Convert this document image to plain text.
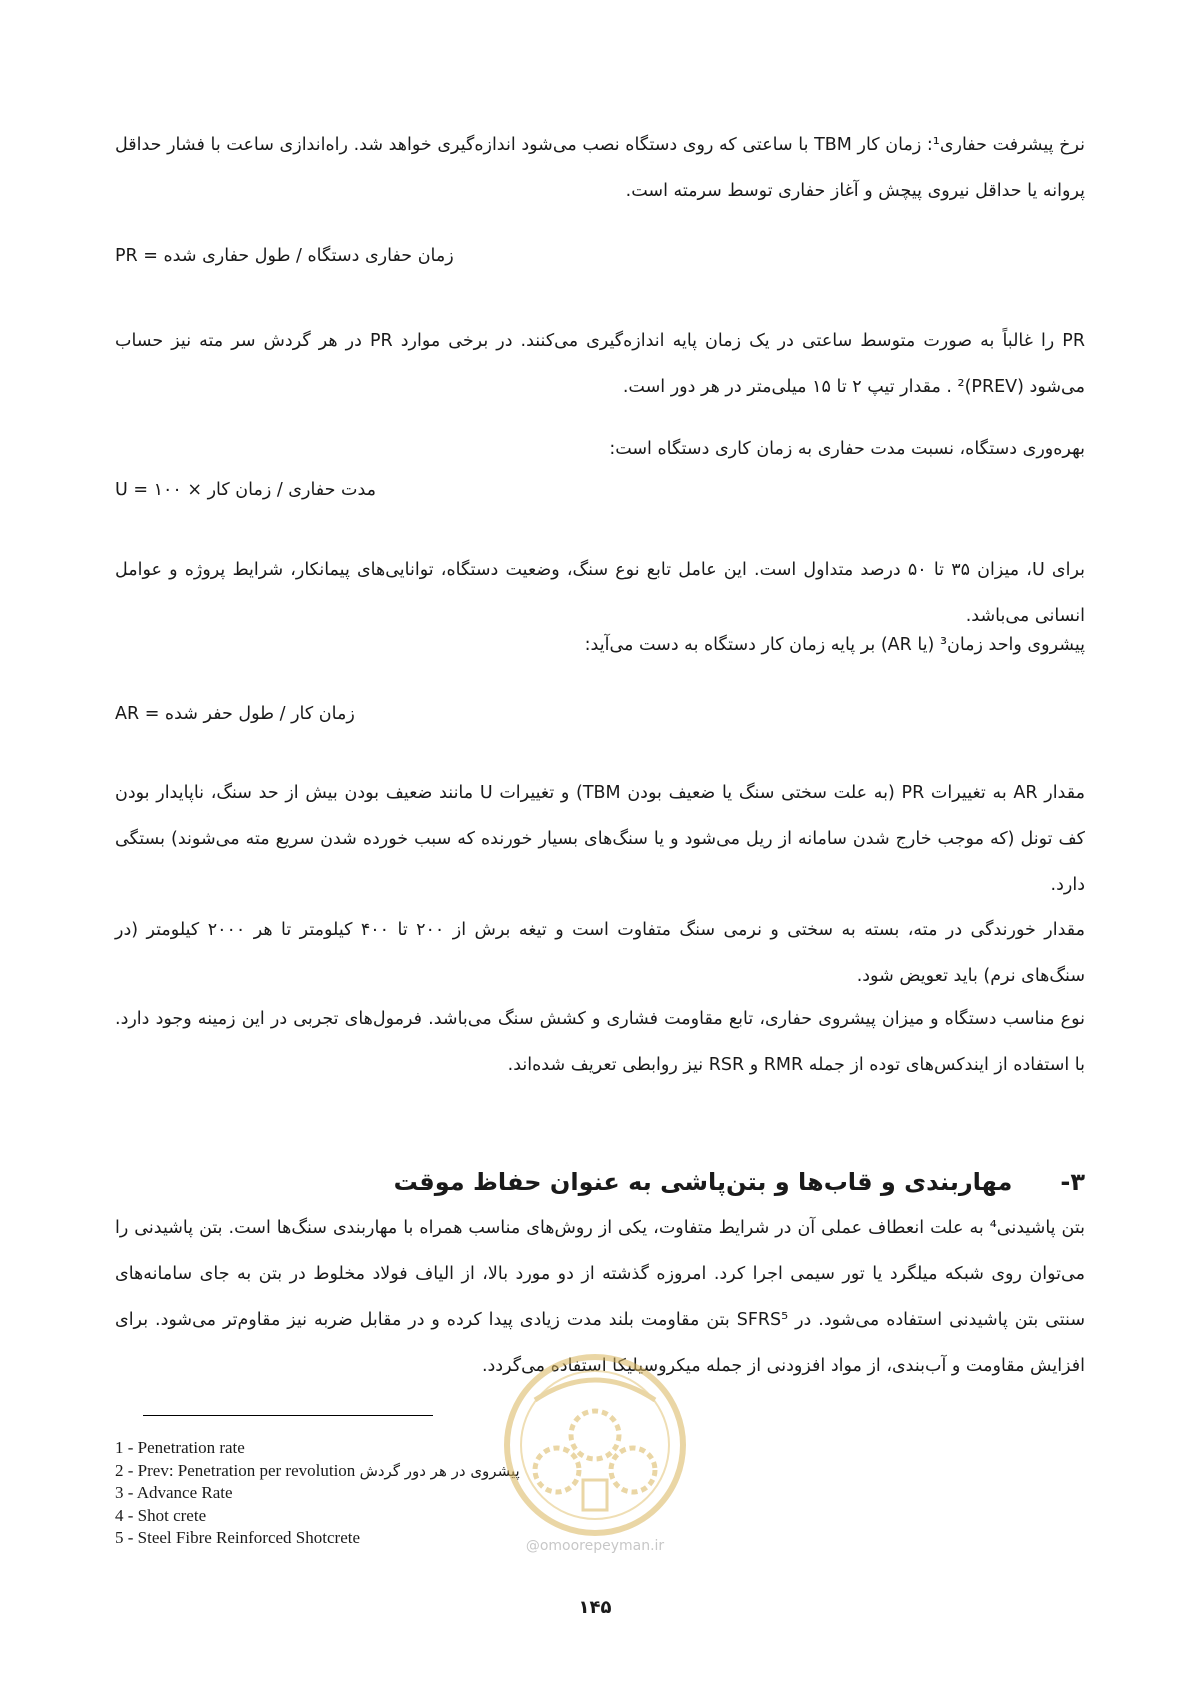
نرخ پیشرفت حفاری¹: زمان کار TBM با ساعتی که روی دستگاه نصب می‌شود اندازه‌گیری خواهد شد. راه‌اندازی ساعت با فشار حداقل پروانه یا حداقل نیروی پیچش و آغاز حفاری توسط سرمته است.
PR = زمان حفاری دستگاه / طول حفاری شده
PR را غالباً به صورت متوسط ساعتی در یک زمان پایه اندازه‌گیری می‌کنند. در برخی موارد PR در هر گردش سر مته نیز حساب می‌شود (PREV)² . مقدار تیپ ۲ تا ۱۵ میلی‌متر در هر دور است.
بهره‌وری دستگاه، نسبت مدت حفاری به زمان کاری دستگاه است:
U = ۱۰۰ × مدت حفاری / زمان کار
برای U، میزان ۳۵ تا ۵۰ درصد متداول است. این عامل تابع نوع سنگ، وضعیت دستگاه، توانایی‌های پیمانکار، شرایط پروژه و عوامل انسانی می‌باشد.
پیشروی واحد زمان³ (یا AR) بر پایه زمان کار دستگاه به دست می‌آید:
AR = زمان کار / طول حفر شده
مقدار AR به تغییرات PR (به علت سختی سنگ یا ضعیف بودن TBM) و تغییرات U مانند ضعیف بودن بیش از حد سنگ، ناپایدار بودن کف تونل (که موجب خارج شدن سامانه از ریل می‌شود و یا سنگ‌های بسیار خورنده که سبب خورده شدن سریع مته می‌شوند) بستگی دارد.
مقدار خورندگی در مته، بسته به سختی و نرمی سنگ متفاوت است و تیغه برش از ۲۰۰ تا ۴۰۰ کیلومتر تا هر ۲۰۰۰ کیلومتر (در سنگ‌های نرم) باید تعویض شود.
نوع مناسب دستگاه و میزان پیشروی حفاری، تابع مقاومت فشاری و کشش سنگ می‌باشد. فرمول‌های تجربی در این زمینه وجود دارد. با استفاده از ایندکس‌های توده از جمله RMR و RSR نیز روابطی تعریف شده‌اند.
۳-
مهاربندی و قاب‌ها و بتن‌پاشی به عنوان حفاظ موقت
بتن پاشیدنی⁴ به علت انعطاف عملی آن در شرایط متفاوت، یکی از روش‌های مناسب همراه با مهاربندی سنگ‌ها است. بتن پاشیدنی را می‌توان روی شبکه میلگرد یا تور سیمی اجرا کرد. امروزه گذشته از دو مورد بالا، از الیاف فولاد مخلوط در بتن به جای سامانه‌های سنتی بتن پاشیدنی استفاده می‌شود. در SFRS⁵ بتن مقاومت بلند مدت زیادی پیدا کرده و در مقابل ضربه نیز مقاوم‌تر می‌شود. برای افزایش مقاومت و آب‌بندی، از مواد افزودنی از جمله میکروسیلیکا استفاده می‌گردد.
1 - Penetration rate
2 - Prev: Penetration per revolution پیشروی در هر دور گردش
3 - Advance Rate
4 - Shot crete
5 - Steel Fibre Reinforced Shotcrete	@omoorepeyman.ir
۱۴۵
